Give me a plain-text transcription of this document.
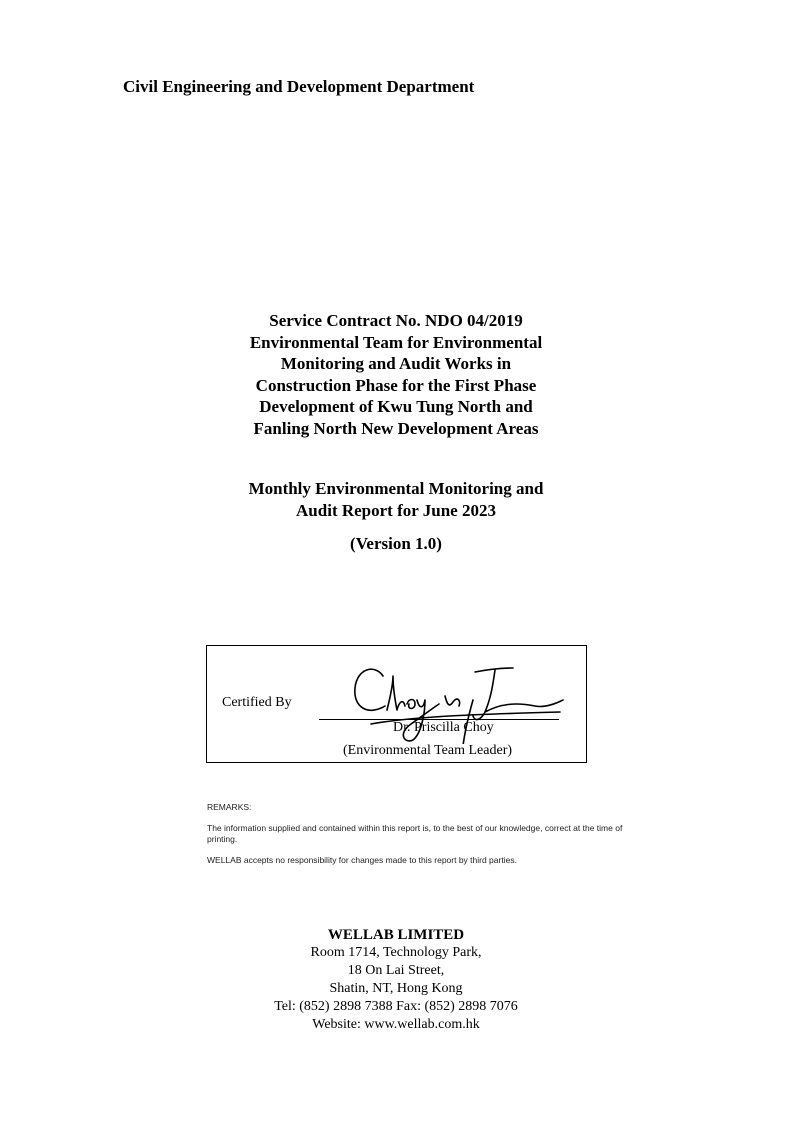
Civil Engineering and Development Department
Service Contract No. NDO 04/2019
Environmental Team for Environmental
Monitoring and Audit Works in
Construction Phase for the First Phase
Development of Kwu Tung North and
Fanling North New Development Areas
Monthly Environmental Monitoring and
Audit Report for June 2023
(Version 1.0)
Certified By
Dr. Priscilla Choy
(Environmental Team Leader)

REMARKS:

The information supplied and contained within this report is, to the best of our knowledge, correct at the time of printing.

WELLAB accepts no responsibility for changes made to this report by third parties.

WELLAB LIMITED
Room 1714, Technology Park,
18 On Lai Street,
Shatin, NT, Hong Kong
Tel: (852) 2898 7388 Fax: (852) 2898 7076
Website: www.wellab.com.hk
